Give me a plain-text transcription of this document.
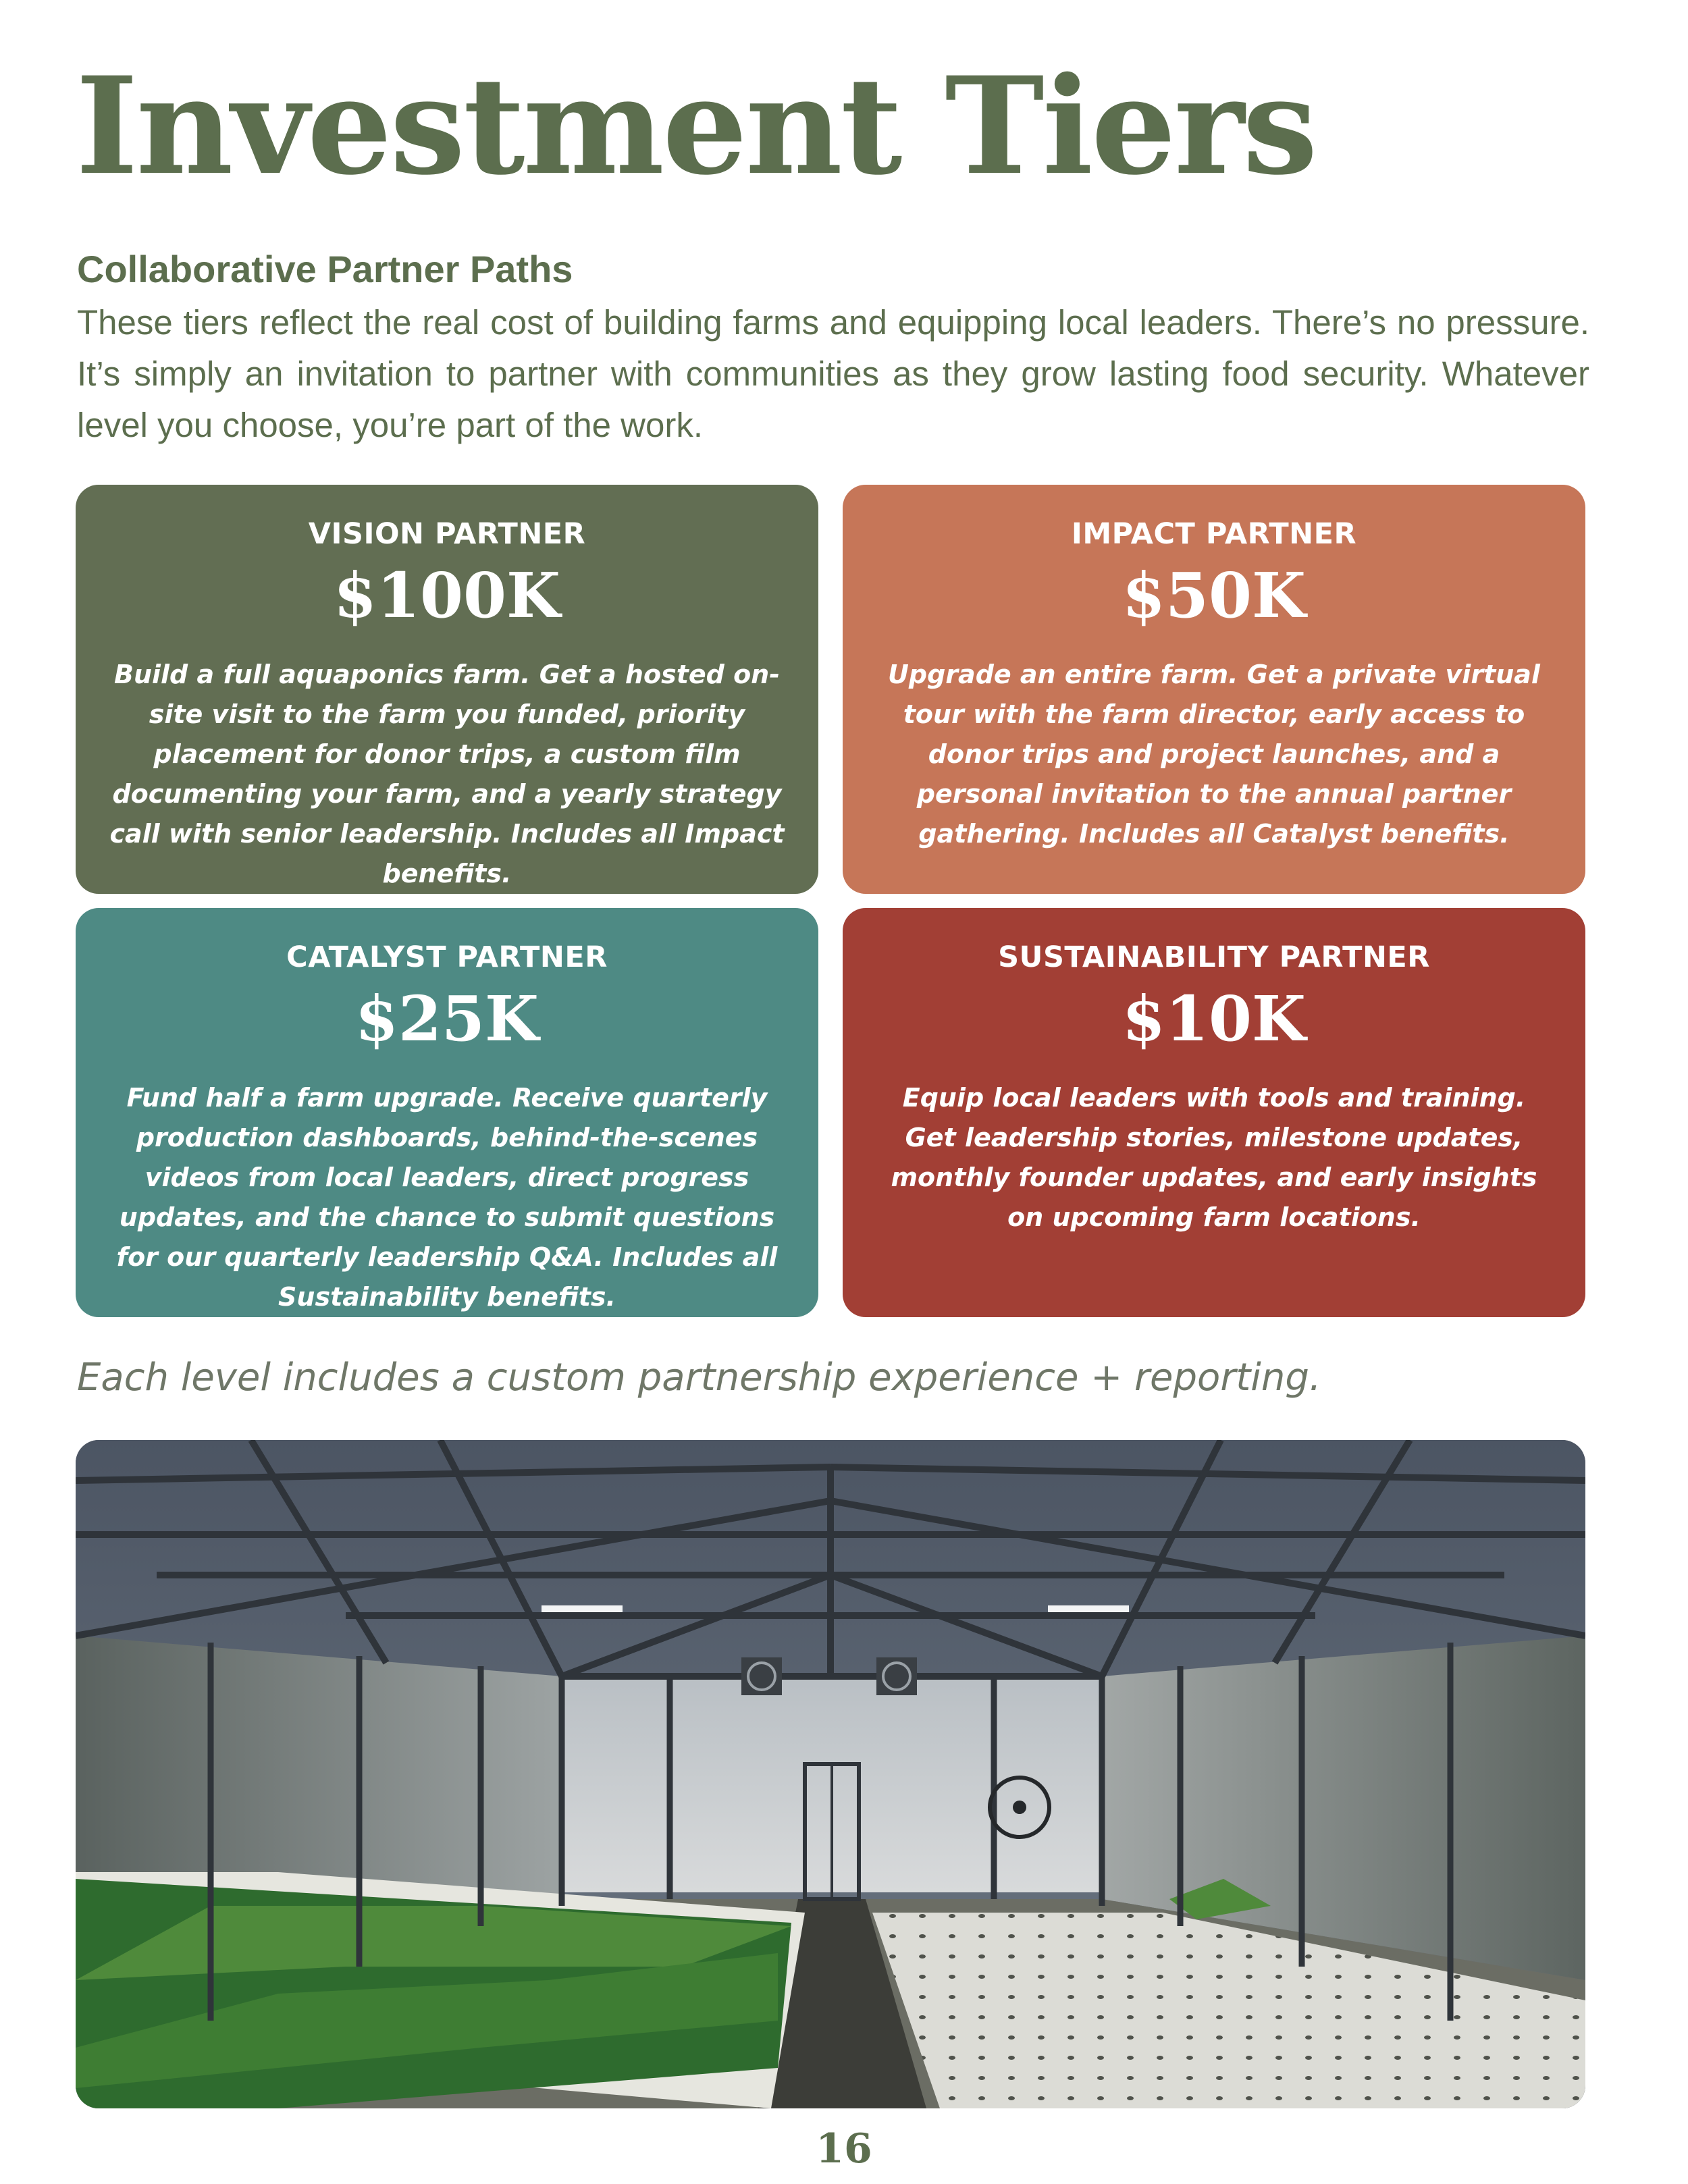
Investment Tiers
Collaborative Partner Paths

These tiers reflect the real cost of building farms and equipping local leaders. There’s no pressure. It’s simply an invitation to partner with communities as they grow lasting food security. Whatever level you choose, you’re part of the work.

VISION PARTNER
$100K
Build a full aquaponics farm. Get a hosted on-site visit to the farm you funded, priority placement for donor trips, a custom film documenting your farm, and a yearly strategy call with senior leadership. Includes all Impact benefits.
IMPACT PARTNER
$50K
Upgrade an entire farm. Get a private virtual tour with the farm director, early access to donor trips and project launches, and a personal invitation to the annual partner gathering. Includes all Catalyst benefits.
CATALYST PARTNER
$25K
Fund half a farm upgrade. Receive quarterly production dashboards, behind-the-scenes videos from local leaders, direct progress updates, and the chance to submit questions for our quarterly leadership Q&A. Includes all Sustainability benefits.
SUSTAINABILITY PARTNER
$10K
Equip local leaders with tools and training. Get leadership stories, milestone updates, monthly founder updates, and early insights on upcoming farm locations.

Each level includes a custom partnership experience + reporting.

16
